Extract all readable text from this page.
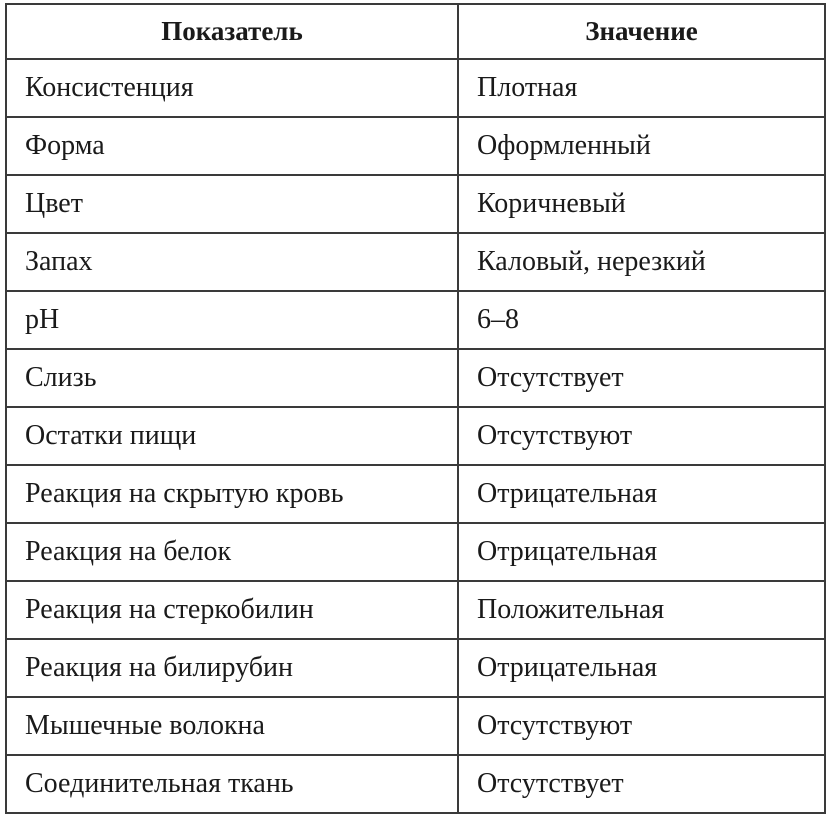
Показатель	Значение
Консистенция	Плотная
Форма	Оформленный
Цвет	Коричневый
Запах	Каловый, нерезкий
pH	6–8
Слизь	Отсутствует
Остатки пищи	Отсутствуют
Реакция на скрытую кровь	Отрицательная
Реакция на белок	Отрицательная
Реакция на стеркобилин	Положительная
Реакция на билирубин	Отрицательная
Мышечные волокна	Отсутствуют
Соединительная ткань	Отсутствует
